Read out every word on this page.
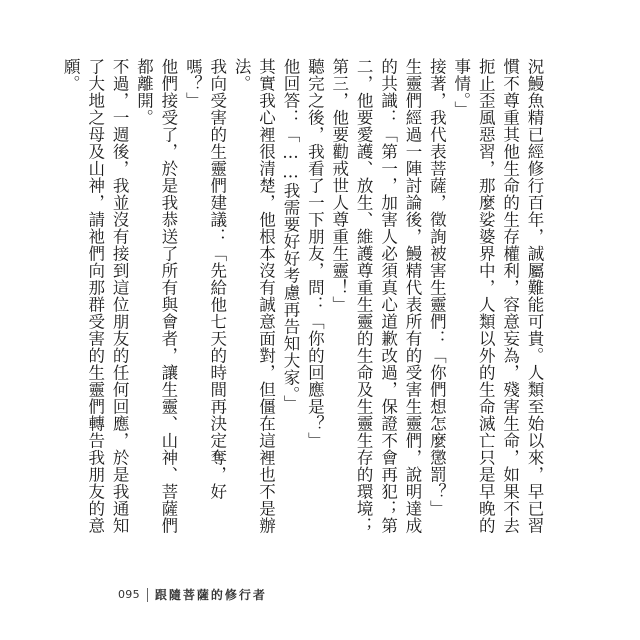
況鰻魚精已經修行百年，誠屬難能可貴。人類至始以來，早已習慣不尊重其他生命的生存權利，容意妄為，殘害生命，如果不去扼止歪風惡習，那麼娑婆界中，人類以外的生命滅亡只是早晚的事情。」

接著，我代表菩薩，徵詢被害生靈們：「你們想怎麼懲罰？」

生靈們經過一陣討論後，鰻精代表所有的受害生靈們，說明達成的共識：「第一，加害人必須真心道歉改過，保證不會再犯；第二，他要愛護、放生、維護尊重生靈的生命及生靈生存的環境；第三，他要勸戒世人尊重生靈！」

聽完之後，我看了一下朋友，問：「你的回應是？」

他回答：「……我需要好好考慮再告知大家。」

其實我心裡很清楚，他根本沒有誠意面對，但僵在這裡也不是辦法。

我向受害的生靈們建議：「先給他七天的時間再決定奪，好嗎？」

他們接受了，於是我恭送了所有與會者，讓生靈、山神、菩薩們都離開。

不過，一週後，我並沒有接到這位朋友的任何回應，於是我通知了大地之母及山神，請祂們向那群受害的生靈們轉告我朋友的意願。

095 跟隨菩薩的修行者
